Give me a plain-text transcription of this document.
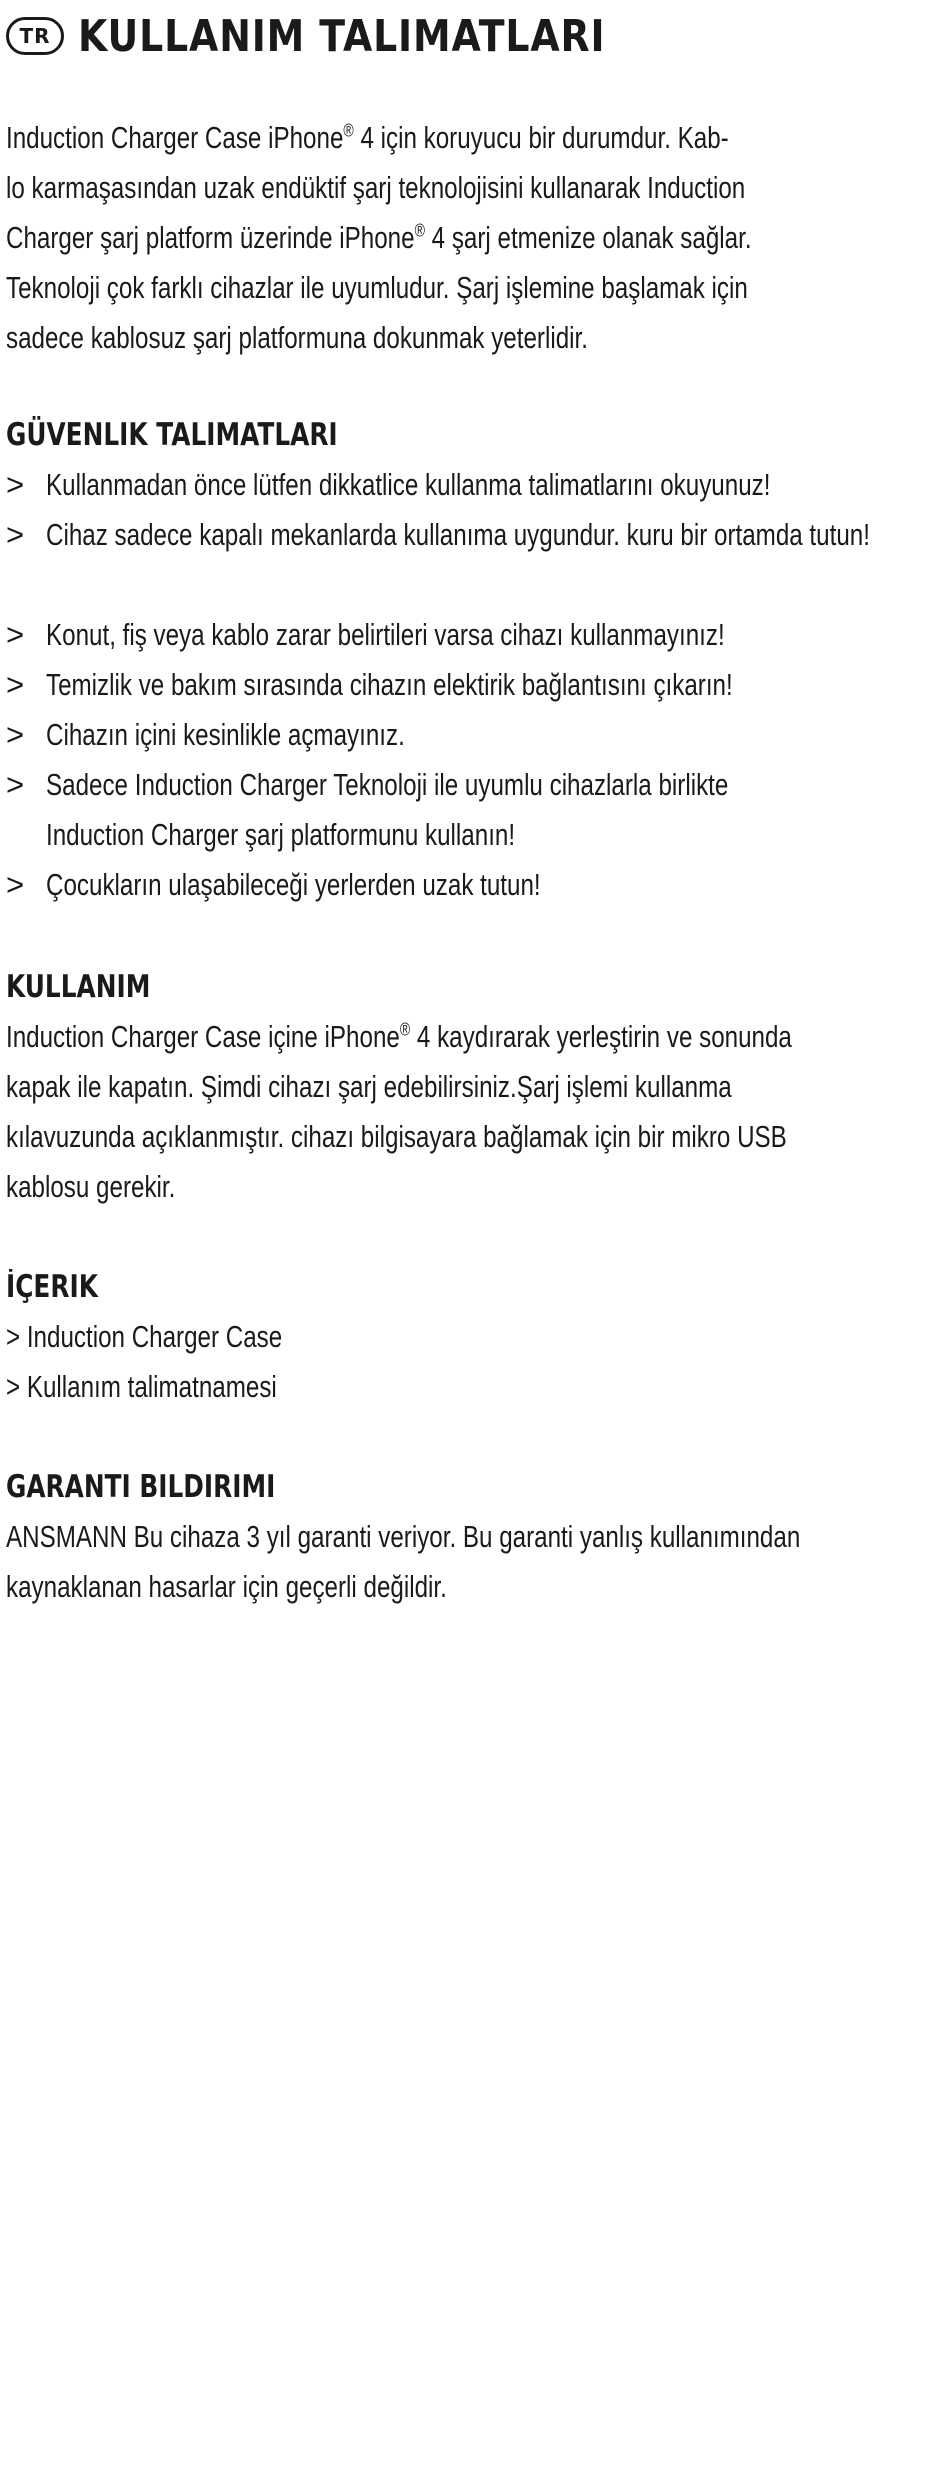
TR KULLANIM TALIMATLARI

Induction Charger Case iPhone® 4 için koruyucu bir durumdur. Kab-

lo karmaşasından uzak endüktif şarj teknolojisini kullanarak Induction

Charger şarj platform üzerinde iPhone® 4 şarj etmenize olanak sağlar.

Teknoloji çok farklı cihazlar ile uyumludur. Şarj işlemine başlamak için

sadece kablosuz şarj platformuna dokunmak yeterlidir.

GÜVENLIK TALIMATLARI

> Kullanmadan önce lütfen dikkatlice kullanma talimatlarını okuyunuz!
> Cihaz sadece kapalı mekanlarda kullanıma uygundur. kuru bir ortamda tutun!
> Konut, fiş veya kablo zarar belirtileri varsa cihazı kullanmayınız!
> Temizlik ve bakım sırasında cihazın elektirik bağlantısını çıkarın!
> Cihazın içini kesinlikle açmayınız.
> Sadece Induction Charger Teknoloji ile uyumlu cihazlarla birlikte Induction Charger şarj platformunu kullanın!
> Çocukların ulaşabileceği yerlerden uzak tutun!

KULLANIM

Induction Charger Case içine iPhone® 4 kaydırarak yerleştirin ve sonunda

kapak ile kapatın. Şimdi cihazı şarj edebilirsiniz.Şarj işlemi kullanma

kılavuzunda açıklanmıştır. cihazı bilgisayara bağlamak için bir mikro USB

kablosu gerekir.

İÇERIK

> Induction Charger Case

> Kullanım talimatnamesi

GARANTI BILDIRIMI

ANSMANN Bu cihaza 3 yıl garanti veriyor. Bu garanti yanlış kullanımından

kaynaklanan hasarlar için geçerli değildir.
